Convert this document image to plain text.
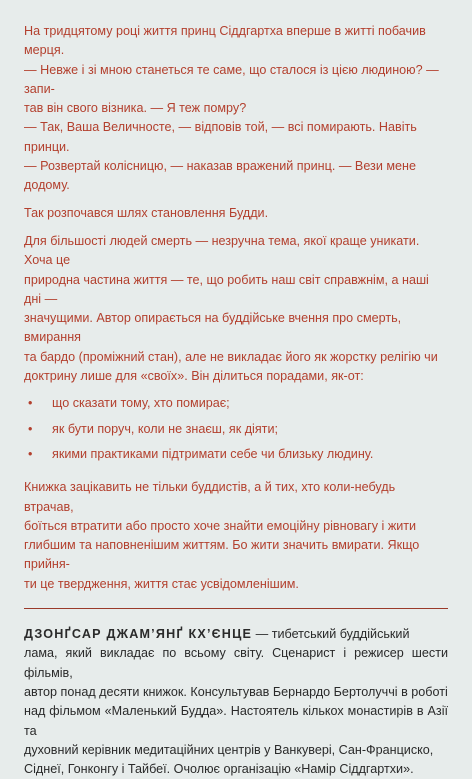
На тридцятому році життя принц Сіддгартха вперше в житті побачив мерця.

— Невже і зі мною станеться те саме, що сталося із цією людиною? — запи-

тав він свого візника. — Я теж помру?

— Так, Ваша Величносте, — відповів той, — всі помирають. Навіть принци.

— Розвертай колісницю, — наказав вражений принц. — Вези мене додому.

Так розпочався шлях становлення Будди.

Для більшості людей смерть — незручна тема, якої краще уникати. Хоча це

природна частина життя — те, що робить наш світ справжнім, а наші дні —

значущими. Автор опирається на буддійське вчення про смерть, вмирання

та бардо (проміжний стан), але не викладає його як жорстку релігію чи

доктрину лише для «своїх». Він ділиться порадами, як-от:

• що сказати тому, хто помирає;
• як бути поруч, коли не знаєш, як діяти;
• якими практиками підтримати себе чи близьку людину.

Книжка зацікавить не тільки буддистів, а й тих, хто коли-небудь втрачав,

боїться втратити або просто хоче знайти емоційну рівновагу і жити

глибшим та наповненішим життям. Бо жити значить вмирати. Якщо прийня-

ти це твердження, життя стає усвідомленішим.

ДЗОНҐСАР ДЖАМ’ЯНҐ КХ’ЄНЦЕ — тибетський буддійський

лама, який викладає по всьому світу. Сценарист і режисер шести фільмів,

автор понад десяти книжок. Консультував Бернардо Бертолуччі в роботі

над фільмом «Маленький Будда». Настоятель кількох монастирів в Азії та

духовний керівник медитаційних центрів у Ванкувері, Сан-Франциско,

Сіднеї, Гонконгу і Тайбеї. Очолює організацію «Намір Сіддгартхи».
